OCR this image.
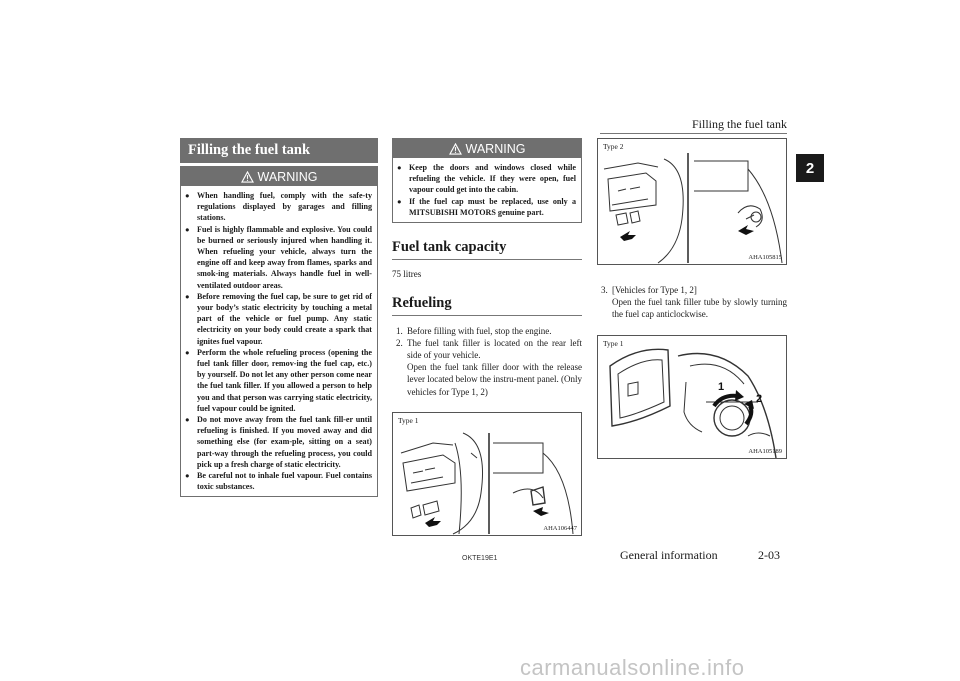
Filling the fuel tank
2
Filling the fuel tank
WARNING
● When handling fuel, comply with the safe-ty regulations displayed by garages and filling stations.
● Fuel is highly flammable and explosive. You could be burned or seriously injured when handling it. When refueling your vehicle, always turn the engine off and keep away from flames, sparks and smok-ing materials. Always handle fuel in well-ventilated outdoor areas.
● Before removing the fuel cap, be sure to get rid of your body’s static electricity by touching a metal part of the vehicle or fuel pump. Any static electricity on your body could create a spark that ignites fuel vapour.
● Perform the whole refueling process (opening the fuel tank filler door, remov-ing the fuel cap, etc.) by yourself. Do not let any other person come near the fuel tank filler. If you allowed a person to help you and that person was carrying static electricity, fuel vapour could be ignited.
● Do not move away from the fuel tank fill-er until refueling is finished. If you moved away and did something else (for exam-ple, sitting on a seat) part-way through the refueling process, you could pick up a fresh charge of static electricity.
● Be careful not to inhale fuel vapour. Fuel contains toxic substances.
WARNING
● Keep the doors and windows closed while refueling the vehicle. If they were open, fuel vapour could get into the cabin.
● If the fuel cap must be replaced, use only a MITSUBISHI MOTORS genuine part.
Fuel tank capacity
75 litres
Refueling
1. Before filling with fuel, stop the engine.
2. The fuel tank filler is located on the rear left side of your vehicle.
Open the fuel tank filler door with the release lever located below the instru-ment panel. (Only vehicles for Type 1, 2)
Type 1
AHA106447
Type 2
AHA105815
3. [Vehicles for Type 1, 2]
Open the fuel tank filler tube by slowly turning the fuel cap anticlockwise.
1
2
Type 1
AHA105189
OKTE19E1	General information	2-03
carmanualsonline.info
